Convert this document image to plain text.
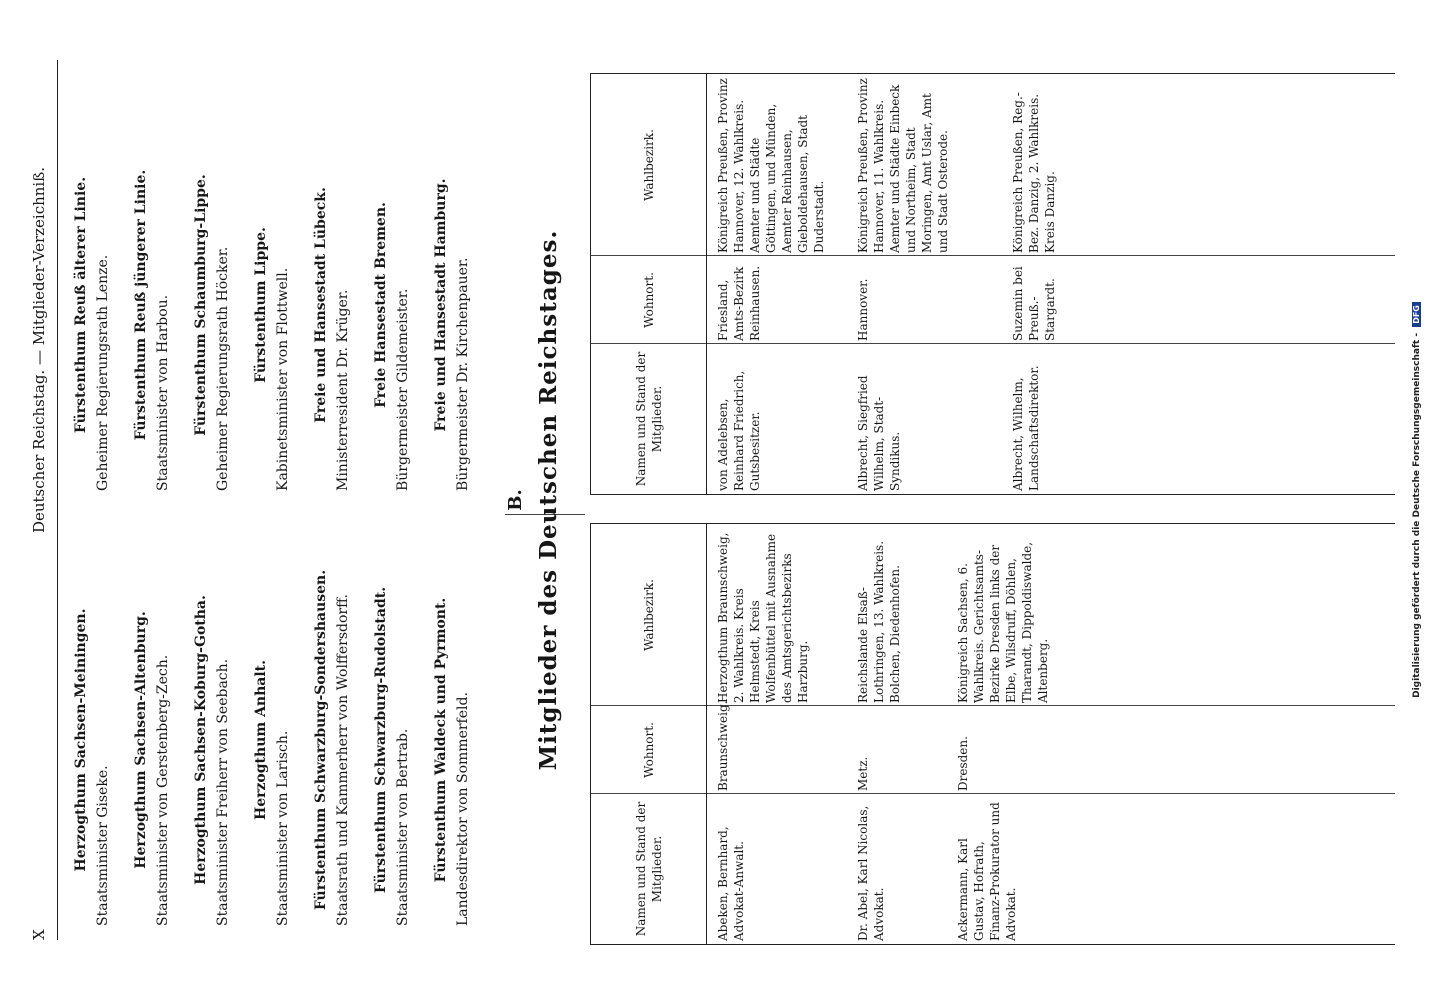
X
Deutscher Reichstag. — Mitglieder-Verzeichniß.
Herzogthum Sachsen-Meiningen. Staatsminister Giseke. Herzogthum Sachsen-Altenburg. Staatsminister von Gerstenberg-Zech. Herzogthum Sachsen-Koburg-Gotha. Staatsminister Freiherr von Seebach. Herzogthum Anhalt. Staatsminister von Larisch. Fürstenthum Schwarzburg-Sondershausen. Staatsrath und Kammerherr von Wolffersdorff. Fürstenthum Schwarzburg-Rudolstadt. Staatsminister von Bertrab. Fürstenthum Waldeck und Pyrmont. Landesdirektor von Sommerfeld.
Fürstenthum Reuß älterer Linie. Geheimer Regierungsrath Lenze. Fürstenthum Reuß jüngerer Linie. Staatsminister von Harbou. Fürstenthum Schaumburg-Lippe. Geheimer Regierungsrath Höcker. Fürstenthum Lippe. Kabinetsminister von Flottwell. Freie und Hansestadt Lübeck. Ministerresident Dr. Krüger. Freie Hansestadt Bremen. Bürgermeister Gildemeister. Freie und Hansestadt Hamburg. Bürgermeister Dr. Kirchenpauer.
B. Mitglieder des Deutschen Reichstages.
Namen und Stand der Mitglieder.
Wohnort.
Wahlbezirk.
Abeken, Bernhard, Advokat-Anwalt.
Braunschweig.
Herzogthum Braunschweig, 2. Wahlkreis. Kreis Helmstedt, Kreis Wolfenbüttel mit Ausnahme des Amtsgerichtsbezirks Harzburg.
Dr. Abel, Karl Nicolas, Advokat.
Metz.
Reichslande Elsaß-Lothringen, 13. Wahlkreis. Bolchen, Diedenhofen.
Ackermann, Karl Gustav, Hofrath, Finanz-Prokurator und Advokat.
Dresden.
Königreich Sachsen, 6. Wahlkreis. Gerichtsamts-Bezirke Dresden links der Elbe, Wilsdruff, Döhlen, Tharandt, Dippoldiswalde, Altenberg.
Namen und Stand der Mitglieder.
Wohnort.
Wahlbezirk.
von Adelebsen, Reinhard Friedrich, Gutsbesitzer.
Friesland, Amts-Bezirk Reinhausen.
Königreich Preußen, Provinz Hannover, 12. Wahlkreis. Aemter und Städte Göttingen, und Münden, Aemter Reinhausen, Gieboldehausen, Stadt Duderstadt.
Albrecht, Siegfried Wilhelm, Stadt-Syndikus.
Hannover.
Königreich Preußen, Provinz Hannover, 11. Wahlkreis. Aemter und Städte Einbeck und Northeim, Stadt Moringen, Amt Uslar, Amt und Stadt Osterode.
Albrecht, Wilhelm, Landschaftsdirektor.
Suzemin bei Preuß.-Stargardt.
Königreich Preußen, Reg.-Bez. Danzig, 2. Wahlkreis. Kreis Danzig.
Digitalisierung gefördert durch die Deutsche Forschungsgemeinschaft - DFG
